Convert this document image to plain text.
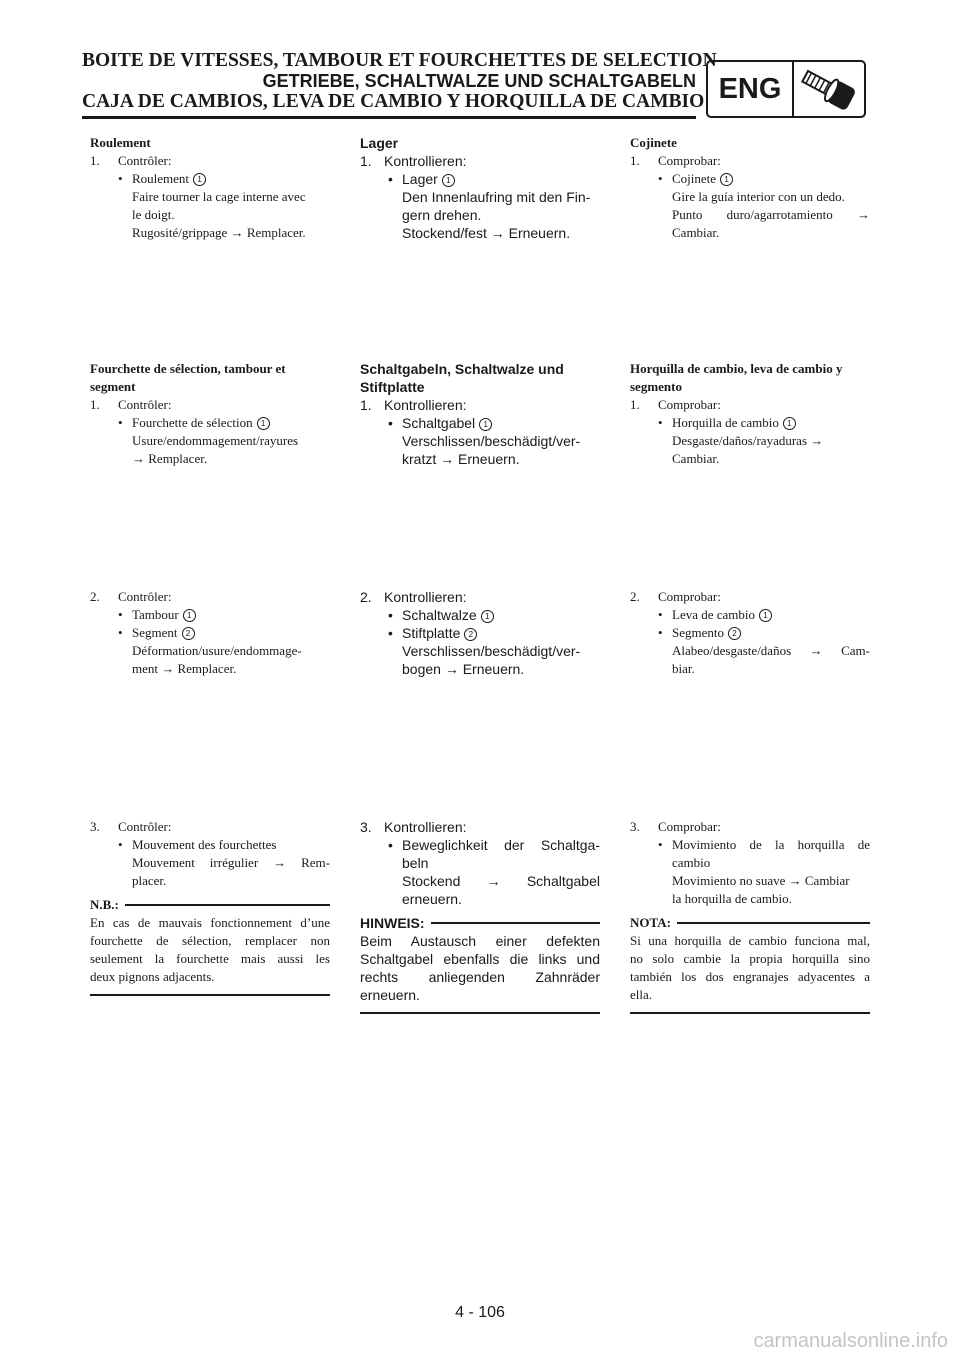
BOITE DE VITESSES, TAMBOUR ET FOURCHETTES DE SELECTION
GETRIEBE, SCHALTWALZE UND SCHALTGABELN
CAJA DE CAMBIOS, LEVA DE CAMBIO Y HORQUILLA DE CAMBIO ENG
Roulement
1. Contrôler:
• Roulement 1
Faire tourner la cage interne avec
le doigt.
Rugosité/grippage → Remplacer.
Fourchette de sélection, tambour et
segment
1. Contrôler:
• Fourchette de sélection 1
Usure/endommagement/rayures
→ Remplacer.
2. Contrôler:
• Tambour 1
• Segment 2
Déformation/usure/endommage-
ment → Remplacer.
3. Contrôler:
• Mouvement des fourchettes
Mouvement irrégulier → Rem-
placer.
N.B.:
En cas de mauvais fonctionnement d’une
fourchette de sélection, remplacer non
seulement la fourchette mais aussi les
deux pignons adjacents.
Lager
1. Kontrollieren:
• Lager 1
Den Innenlaufring mit den Fin-
gern drehen.
Stockend/fest → Erneuern.
Schaltgabeln, Schaltwalze und
Stiftplatte
1. Kontrollieren:
• Schaltgabel 1
Verschlissen/beschädigt/ver-
kratzt → Erneuern.
2. Kontrollieren:
• Schaltwalze 1
• Stiftplatte 2
Verschlissen/beschädigt/ver-
bogen → Erneuern.
3. Kontrollieren:
• Beweglichkeit der Schaltga-
beln
Stockend → Schaltgabel
erneuern.
HINWEIS:
Beim Austausch einer defekten
Schaltgabel ebenfalls die links und
rechts anliegenden Zahnräder
erneuern.
Cojinete
1. Comprobar:
• Cojinete 1
Gire la guía interior con un dedo.
Punto duro/agarrotamiento →
Cambiar.
Horquilla de cambio, leva de cambio y
segmento
1. Comprobar:
• Horquilla de cambio 1
Desgaste/daños/rayaduras →
Cambiar.
2. Comprobar:
• Leva de cambio 1
• Segmento 2
Alabeo/desgaste/daños → Cam-
biar.
3. Comprobar:
• Movimiento de la horquilla de
cambio
Movimiento no suave → Cambiar
la horquilla de cambio.
NOTA:
Si una horquilla de cambio funciona mal,
no solo cambie la propia horquilla sino
también los dos engranajes adyacentes a
ella.
4 - 106
carmanualsonline.info
